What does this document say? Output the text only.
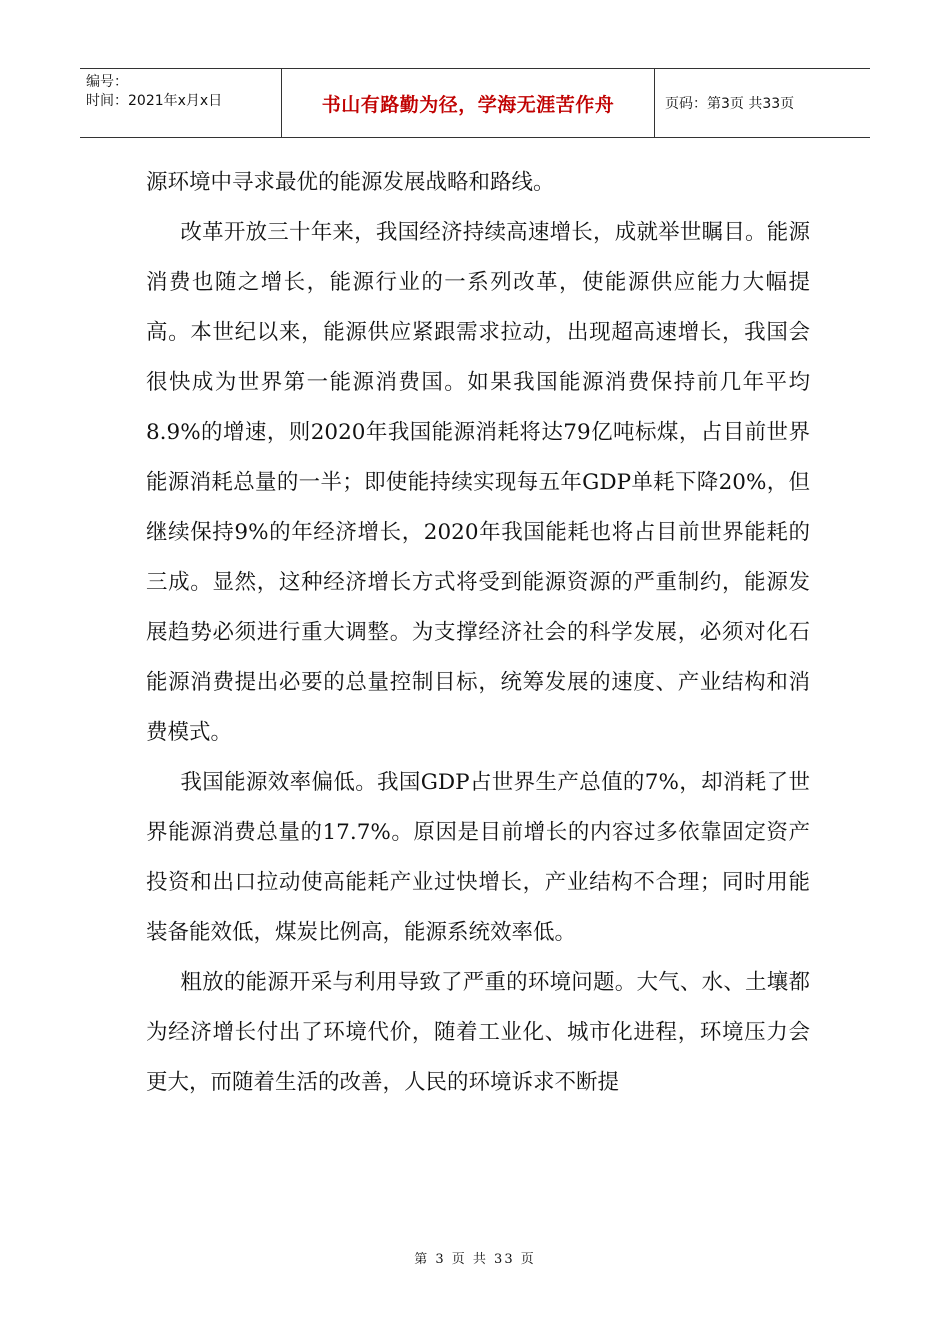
编号：
时间：2021年x月x日	书山有路勤为径，学海无涯苦作舟	页码：第3页 共33页

源环境中寻求最优的能源发展战略和路线。

改革开放三十年来，我国经济持续高速增长，成就举世瞩目。能源消费也随之增长，能源行业的一系列改革，使能源供应能力大幅提高。本世纪以来，能源供应紧跟需求拉动，出现超高速增长，我国会很快成为世界第一能源消费国。如果我国能源消费保持前几年平均8.9%的增速，则2020年我国能源消耗将达79亿吨标煤，占目前世界能源消耗总量的一半；即使能持续实现每五年GDP单耗下降20%，但继续保持9%的年经济增长，2020年我国能耗也将占目前世界能耗的三成。显然，这种经济增长方式将受到能源资源的严重制约，能源发展趋势必须进行重大调整。为支撑经济社会的科学发展，必须对化石能源消费提出必要的总量控制目标，统筹发展的速度、产业结构和消费模式。

我国能源效率偏低。我国GDP占世界生产总值的7%，却消耗了世界能源消费总量的17.7%。原因是目前增长的内容过多依靠固定资产投资和出口拉动使高能耗产业过快增长，产业结构不合理；同时用能装备能效低，煤炭比例高，能源系统效率低。

粗放的能源开采与利用导致了严重的环境问题。大气、水、土壤都为经济增长付出了环境代价，随着工业化、城市化进程，环境压力会更大，而随着生活的改善，人民的环境诉求不断提

第 3 页 共 33 页
